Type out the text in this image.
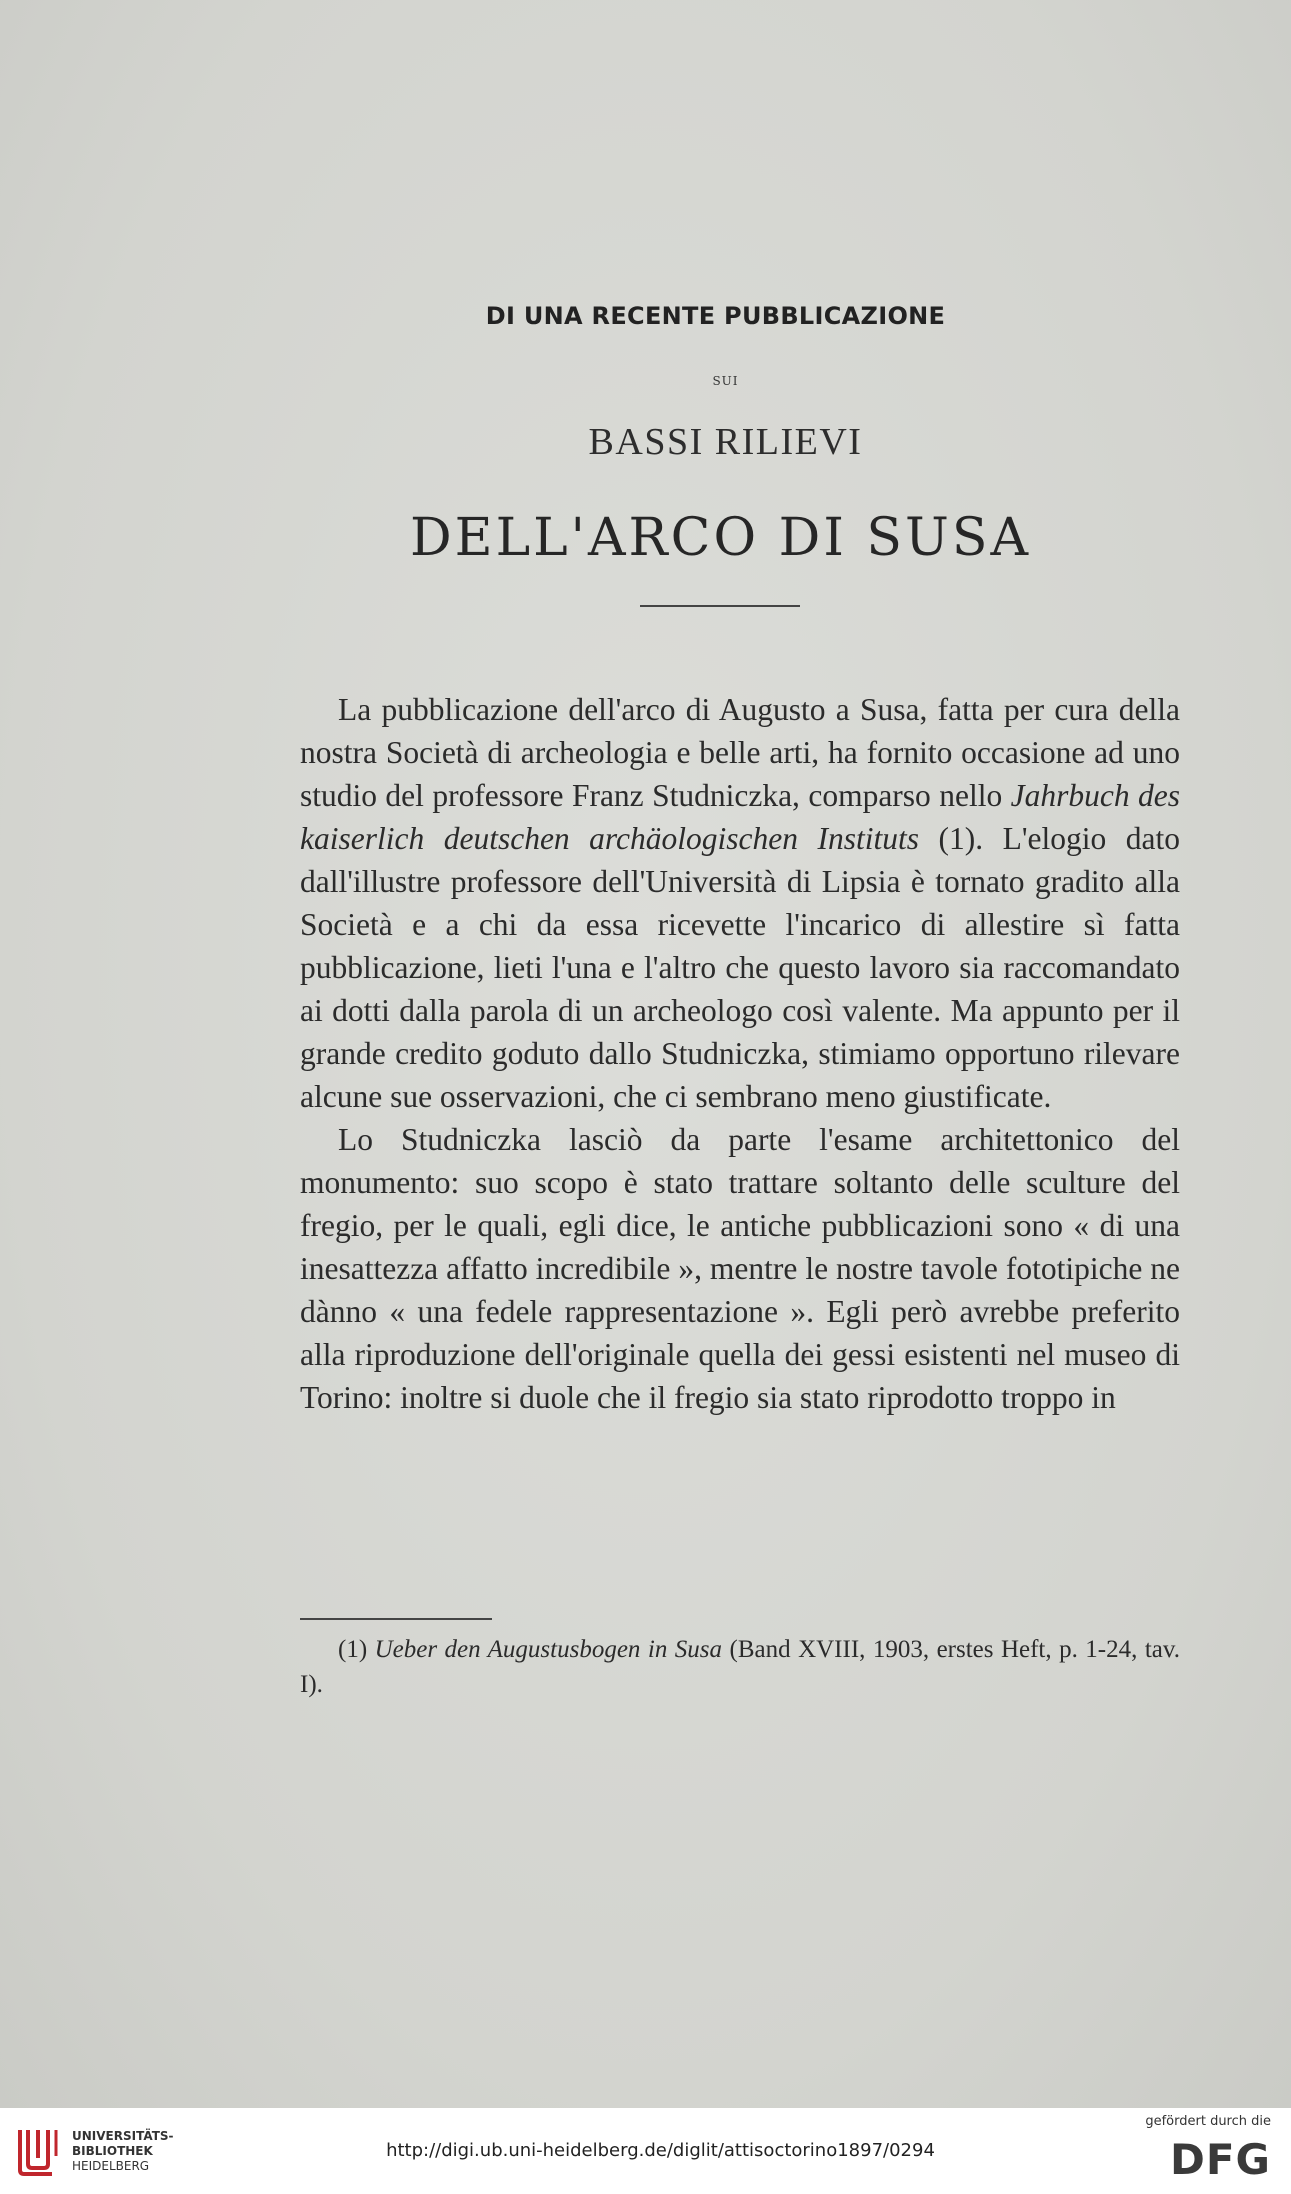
DI UNA RECENTE PUBBLICAZIONE
SUI
BASSI RILIEVI
DELL'ARCO DI SUSA

La pubblicazione dell'arco di Augusto a Susa, fatta per cura della nostra Società di archeologia e belle arti, ha fornito occasione ad uno studio del professore Franz Studniczka, comparso nello Jahrbuch des kaiserlich deutschen archäologischen Instituts (1). L'elogio dato dall'illustre professore dell'Università di Lipsia è tornato gradito alla Società e a chi da essa ricevette l'incarico di allestire sì fatta pubblicazione, lieti l'una e l'altro che questo lavoro sia raccomandato ai dotti dalla parola di un archeologo così valente. Ma appunto per il grande credito goduto dallo Studniczka, stimiamo opportuno rilevare alcune sue osservazioni, che ci sembrano meno giustificate.

Lo Studniczka lasciò da parte l'esame architettonico del monumento: suo scopo è stato trattare soltanto delle sculture del fregio, per le quali, egli dice, le antiche pubblicazioni sono « di una inesattezza affatto incredibile », mentre le nostre tavole fototipiche ne dànno « una fedele rappresentazione ». Egli però avrebbe preferito alla riproduzione dell'originale quella dei gessi esistenti nel museo di Torino: inoltre si duole che il fregio sia stato riprodotto troppo in

(1) Ueber den Augustusbogen in Susa (Band XVIII, 1903, erstes Heft, p. 1-24, tav. I).

UNIVERSITÄTS-
BIBLIOTHEK
HEIDELBERG
http://digi.ub.uni-heidelberg.de/diglit/attisoctorino1897/0294
gefördert durch die
DFG
